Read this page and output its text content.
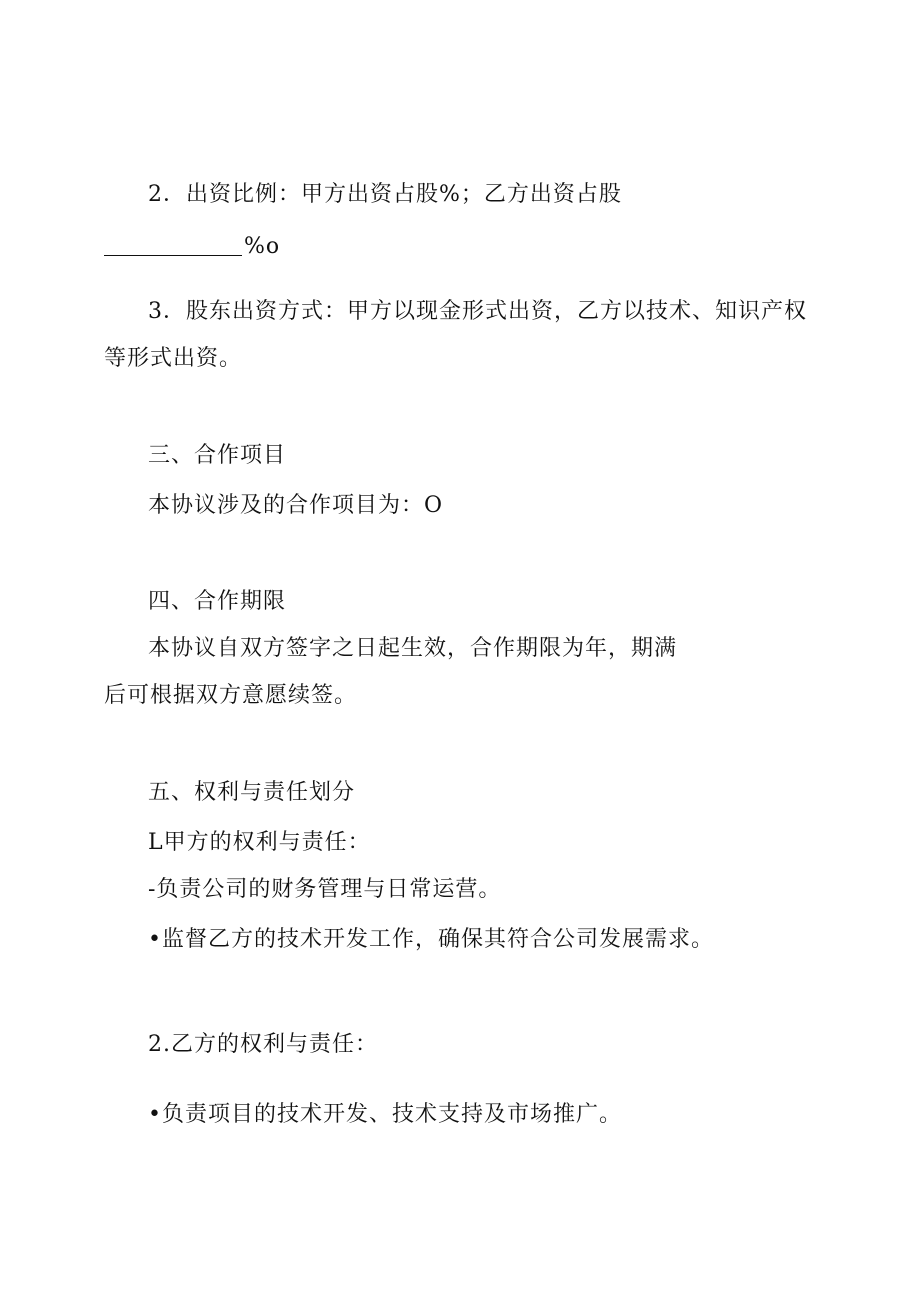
2．出资比例：甲方出资占股%；乙方出资占股
%o
3．股东出资方式：甲方以现金形式出资，乙方以技术、知识产权
等形式出资。
三、合作项目
本协议涉及的合作项目为：O
四、合作期限
本协议自双方签字之日起生效，合作期限为年，期满
后可根据双方意愿续签。
五、权利与责任划分
L甲方的权利与责任：
-负责公司的财务管理与日常运营。
•监督乙方的技术开发工作，确保其符合公司发展需求。
2.乙方的权利与责任：
•负责项目的技术开发、技术支持及市场推广。
